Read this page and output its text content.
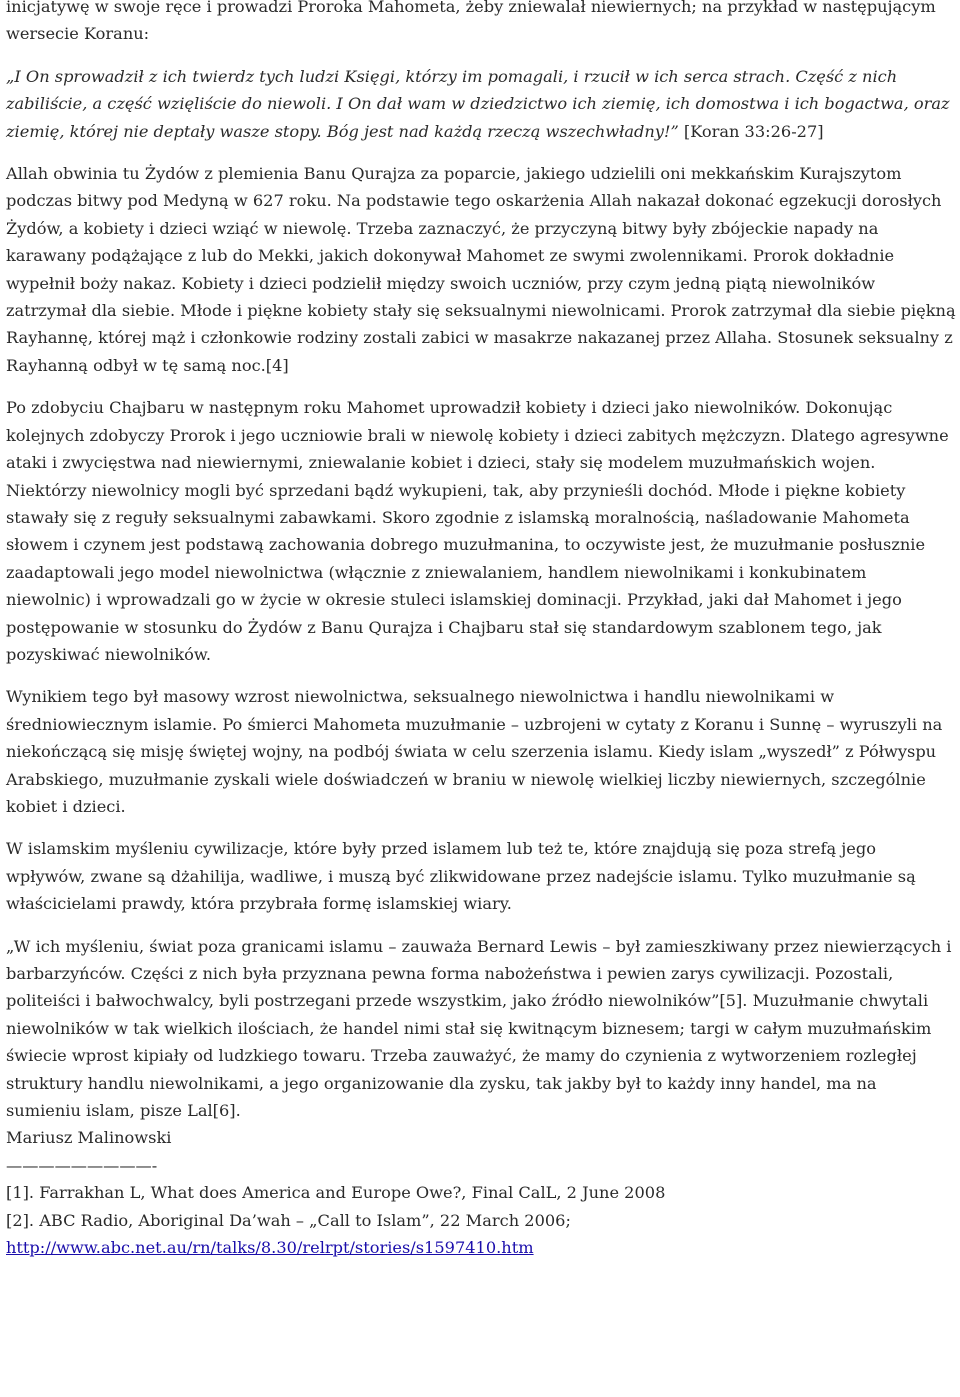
inicjatywę w swoje ręce i prowadzi Proroka Mahometa, żeby zniewalał niewiernych; na przykład w następującym wersecie Koranu:

„I On sprowadził z ich twierdz tych ludzi Księgi, którzy im pomagali, i rzucił w ich serca strach. Część z nich zabiliście, a część wzięliście do niewoli. I On dał wam w dziedzictwo ich ziemię, ich domostwa i ich bogactwa, oraz ziemię, której nie deptały wasze stopy. Bóg jest nad każdą rzeczą wszechwładny!” [Koran 33:26-27]

Allah obwinia tu Żydów z plemienia Banu Qurajza za poparcie, jakiego udzielili oni mekkańskim Kurajszytom podczas bitwy pod Medyną w 627 roku. Na podstawie tego oskarżenia Allah nakazał dokonać egzekucji dorosłych Żydów, a kobiety i dzieci wziąć w niewolę. Trzeba zaznaczyć, że przyczyną bitwy były zbójeckie napady na karawany podążające z lub do Mekki, jakich dokonywał Mahomet ze swymi zwolennikami. Prorok dokładnie wypełnił boży nakaz. Kobiety i dzieci podzielił między swoich uczniów, przy czym jedną piątą niewolników zatrzymał dla siebie. Młode i piękne kobiety stały się seksualnymi niewolnicami. Prorok zatrzymał dla siebie piękną Rayhannę, której mąż i członkowie rodziny zostali zabici w masakrze nakazanej przez Allaha. Stosunek seksualny z Rayhanną odbył w tę samą noc.[4]

Po zdobyciu Chajbaru w następnym roku Mahomet uprowadził kobiety i dzieci jako niewolników. Dokonując kolejnych zdobyczy Prorok i jego uczniowie brali w niewolę kobiety i dzieci zabitych mężczyzn. Dlatego agresywne ataki i zwycięstwa nad niewiernymi, zniewalanie kobiet i dzieci, stały się modelem muzułmańskich wojen. Niektórzy niewolnicy mogli być sprzedani bądź wykupieni, tak, aby przynieśli dochód. Młode i piękne kobiety stawały się z reguły seksualnymi zabawkami. Skoro zgodnie z islamską moralnością, naśladowanie Mahometa słowem i czynem jest podstawą zachowania dobrego muzułmanina, to oczywiste jest, że muzułmanie posłusznie zaadaptowali jego model niewolnictwa (włącznie z zniewalaniem, handlem niewolnikami i konkubinatem niewolnic) i wprowadzali go w życie w okresie stuleci islamskiej dominacji. Przykład, jaki dał Mahomet i jego postępowanie w stosunku do Żydów z Banu Qurajza i Chajbaru stał się standardowym szablonem tego, jak pozyskiwać niewolników.

Wynikiem tego był masowy wzrost niewolnictwa, seksualnego niewolnictwa i handlu niewolnikami w średniowiecznym islamie. Po śmierci Mahometa muzułmanie – uzbrojeni w cytaty z Koranu i Sunnę – wyruszyli na niekończącą się misję świętej wojny, na podbój świata w celu szerzenia islamu. Kiedy islam „wyszedł” z Półwyspu Arabskiego, muzułmanie zyskali wiele doświadczeń w braniu w niewolę wielkiej liczby niewiernych, szczególnie kobiet i dzieci.

W islamskim myśleniu cywilizacje, które były przed islamem lub też te, które znajdują się poza strefą jego wpływów, zwane są dżahilija, wadliwe, i muszą być zlikwidowane przez nadejście islamu. Tylko muzułmanie są właścicielami prawdy, która przybrała formę islamskiej wiary.

„W ich myśleniu, świat poza granicami islamu – zauważa Bernard Lewis – był zamieszkiwany przez niewierzących i barbarzyńców. Części z nich była przyznana pewna forma nabożeństwa i pewien zarys cywilizacji. Pozostali, politeiści i bałwochwalcy, byli postrzegani przede wszystkim, jako źródło niewolników”[5]. Muzułmanie chwytali niewolników w tak wielkich ilościach, że handel nimi stał się kwitnącym biznesem; targi w całym muzułmańskim świecie wprost kipiały od ludzkiego towaru. Trzeba zauważyć, że mamy do czynienia z wytworzeniem rozległej struktury handlu niewolnikami, a jego organizowanie dla zysku, tak jakby był to każdy inny handel, ma na sumieniu islam, pisze Lal[6].

Mariusz Malinowski
—————————-
[1]. Farrakhan L, What does America and Europe Owe?, Final CalL, 2 June 2008
[2]. ABC Radio, Aboriginal Da’wah – „Call to Islam”, 22 March 2006;
http://www.abc.net.au/rn/talks/8.30/relrpt/stories/s1597410.htm
